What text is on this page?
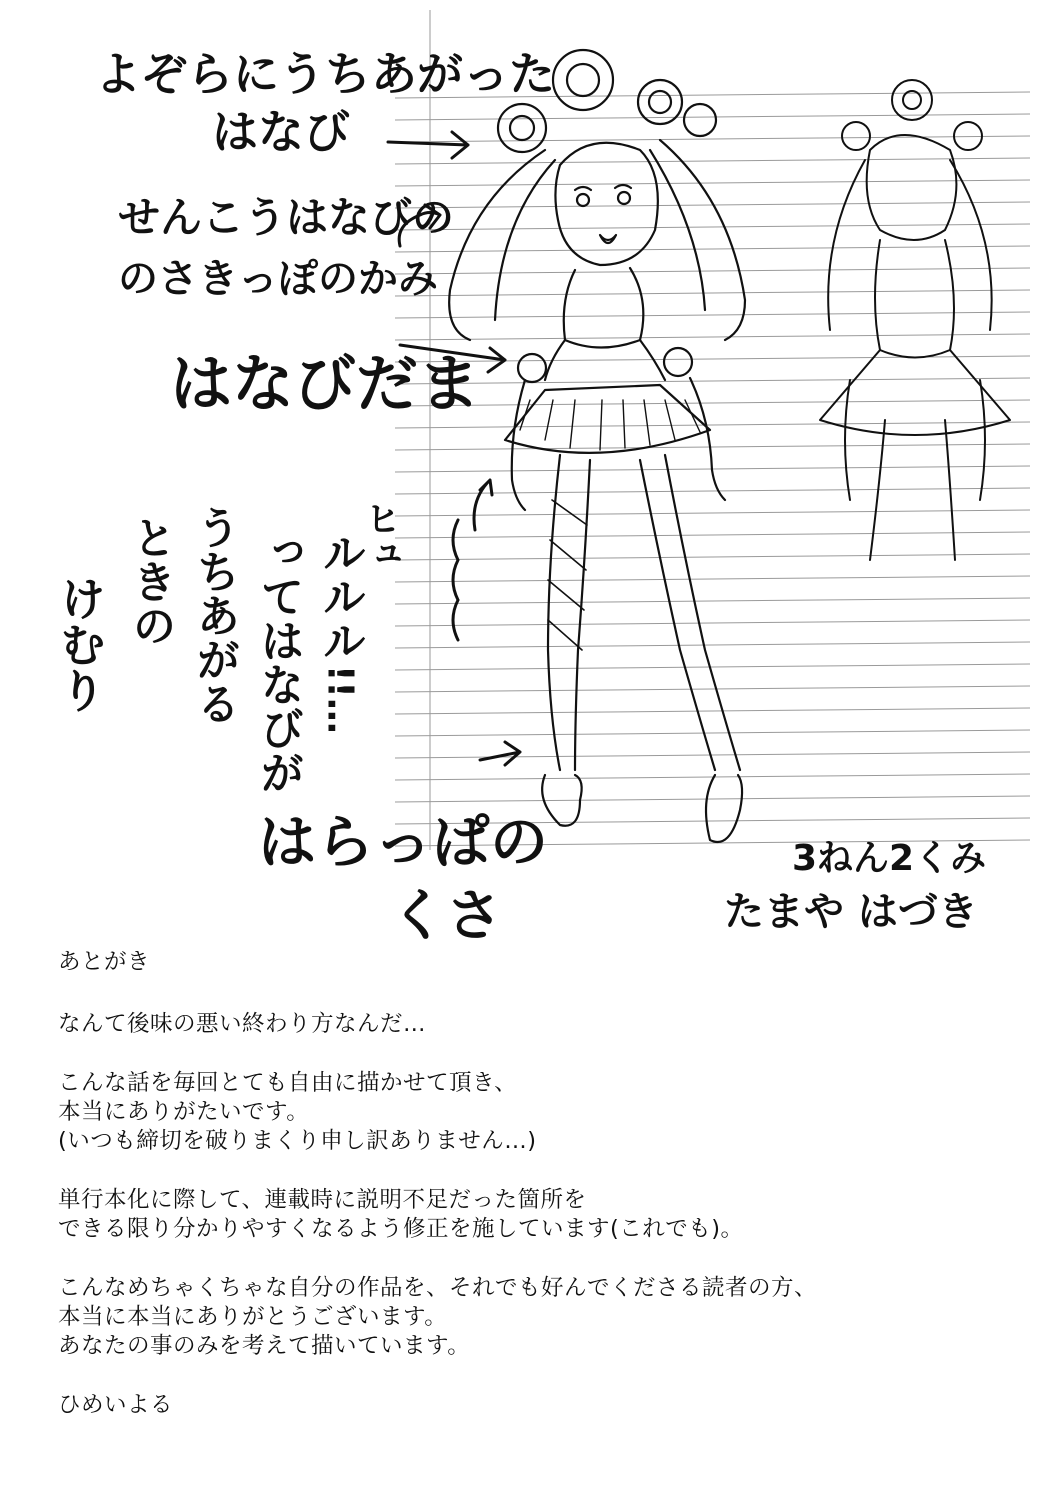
よぞらにうちあがった
はなび
せんこうはなびの
のさきっぽのかみ
はなびだま
ヒュ
ルルル
!!…
ってはなびが
うちあがる
ときの
けむり
はらっぱの
くさ
3ねん2くみ
たまや はづき

あとがき

なんて後味の悪い終わり方なんだ…

こんな話を毎回とても自由に描かせて頂き、

本当にありがたいです。

(いつも締切を破りまくり申し訳ありません…)

単行本化に際して、連載時に説明不足だった箇所を

できる限り分かりやすくなるよう修正を施しています(これでも)。

こんなめちゃくちゃな自分の作品を、それでも好んでくださる読者の方、

本当に本当にありがとうございます。

あなたの事のみを考えて描いています。

ひめいよる
